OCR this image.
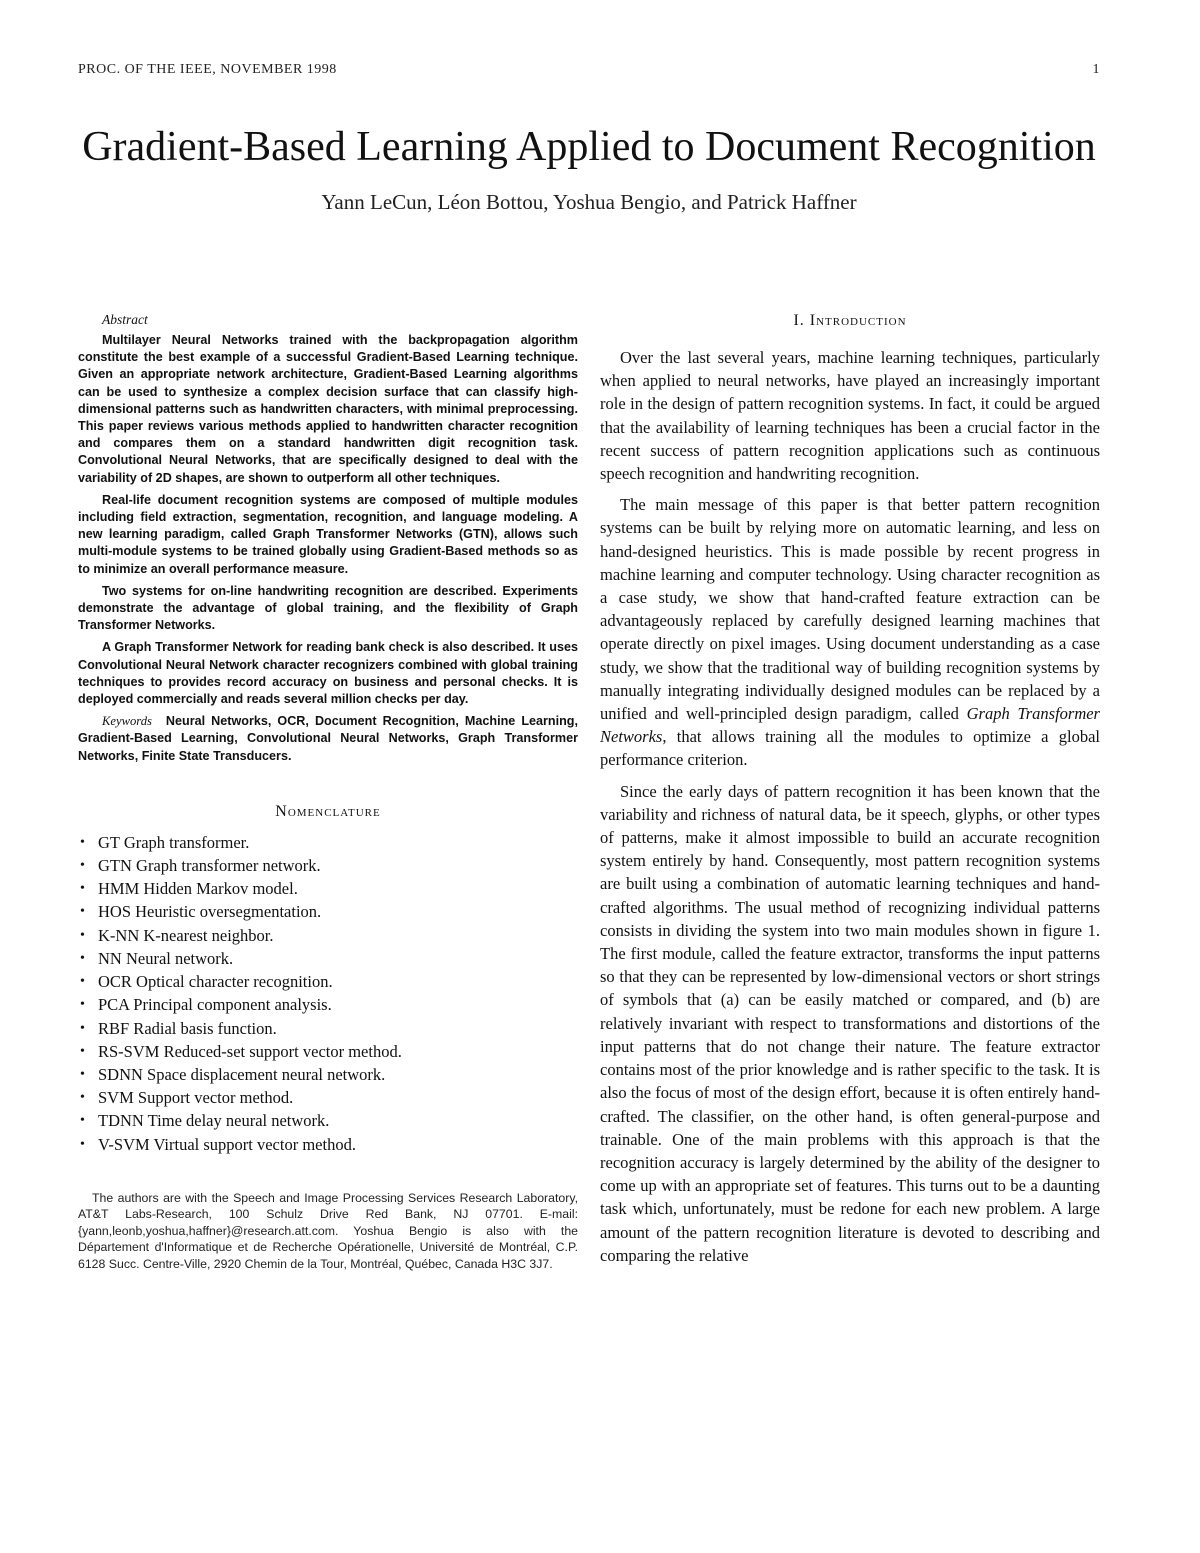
PROC. OF THE IEEE, NOVEMBER 1998	1
Gradient-Based Learning Applied to Document Recognition
Yann LeCun, Léon Bottou, Yoshua Bengio, and Patrick Haffner
Abstract

Multilayer Neural Networks trained with the backpropagation algorithm constitute the best example of a successful Gradient-Based Learning technique. Given an appropriate network architecture, Gradient-Based Learning algorithms can be used to synthesize a complex decision surface that can classify high-dimensional patterns such as handwritten characters, with minimal preprocessing. This paper reviews various methods applied to handwritten character recognition and compares them on a standard handwritten digit recognition task. Convolutional Neural Networks, that are specifically designed to deal with the variability of 2D shapes, are shown to outperform all other techniques.

Real-life document recognition systems are composed of multiple modules including field extraction, segmentation, recognition, and language modeling. A new learning paradigm, called Graph Transformer Networks (GTN), allows such multi-module systems to be trained globally using Gradient-Based methods so as to minimize an overall performance measure.

Two systems for on-line handwriting recognition are described. Experiments demonstrate the advantage of global training, and the flexibility of Graph Transformer Networks.

A Graph Transformer Network for reading bank check is also described. It uses Convolutional Neural Network character recognizers combined with global training techniques to provides record accuracy on business and personal checks. It is deployed commercially and reads several million checks per day.

Keywords Neural Networks, OCR, Document Recognition, Machine Learning, Gradient-Based Learning, Convolutional Neural Networks, Graph Transformer Networks, Finite State Transducers.

Nomenclature
• GT Graph transformer.
• GTN Graph transformer network.
• HMM Hidden Markov model.
• HOS Heuristic oversegmentation.
• K-NN K-nearest neighbor.
• NN Neural network.
• OCR Optical character recognition.
• PCA Principal component analysis.
• RBF Radial basis function.
• RS-SVM Reduced-set support vector method.
• SDNN Space displacement neural network.
• SVM Support vector method.
• TDNN Time delay neural network.
• V-SVM Virtual support vector method.
The authors are with the Speech and Image Processing Services Research Laboratory, AT&T Labs-Research, 100 Schulz Drive Red Bank, NJ 07701. E-mail: {yann,leonb,yoshua,haffner}@research.att.com. Yoshua Bengio is also with the Département d'Informatique et de Recherche Opérationelle, Université de Montréal, C.P. 6128 Succ. Centre-Ville, 2920 Chemin de la Tour, Montréal, Québec, Canada H3C 3J7.
I. Introduction

Over the last several years, machine learning techniques, particularly when applied to neural networks, have played an increasingly important role in the design of pattern recognition systems. In fact, it could be argued that the availability of learning techniques has been a crucial factor in the recent success of pattern recognition applications such as continuous speech recognition and handwriting recognition.

The main message of this paper is that better pattern recognition systems can be built by relying more on automatic learning, and less on hand-designed heuristics. This is made possible by recent progress in machine learning and computer technology. Using character recognition as a case study, we show that hand-crafted feature extraction can be advantageously replaced by carefully designed learning machines that operate directly on pixel images. Using document understanding as a case study, we show that the traditional way of building recognition systems by manually integrating individually designed modules can be replaced by a unified and well-principled design paradigm, called Graph Transformer Networks, that allows training all the modules to optimize a global performance criterion.

Since the early days of pattern recognition it has been known that the variability and richness of natural data, be it speech, glyphs, or other types of patterns, make it almost impossible to build an accurate recognition system entirely by hand. Consequently, most pattern recognition systems are built using a combination of automatic learning techniques and hand-crafted algorithms. The usual method of recognizing individual patterns consists in dividing the system into two main modules shown in figure 1. The first module, called the feature extractor, transforms the input patterns so that they can be represented by low-dimensional vectors or short strings of symbols that (a) can be easily matched or compared, and (b) are relatively invariant with respect to transformations and distortions of the input patterns that do not change their nature. The feature extractor contains most of the prior knowledge and is rather specific to the task. It is also the focus of most of the design effort, because it is often entirely hand-crafted. The classifier, on the other hand, is often general-purpose and trainable. One of the main problems with this approach is that the recognition accuracy is largely determined by the ability of the designer to come up with an appropriate set of features. This turns out to be a daunting task which, unfortunately, must be redone for each new problem. A large amount of the pattern recognition literature is devoted to describing and comparing the relative
